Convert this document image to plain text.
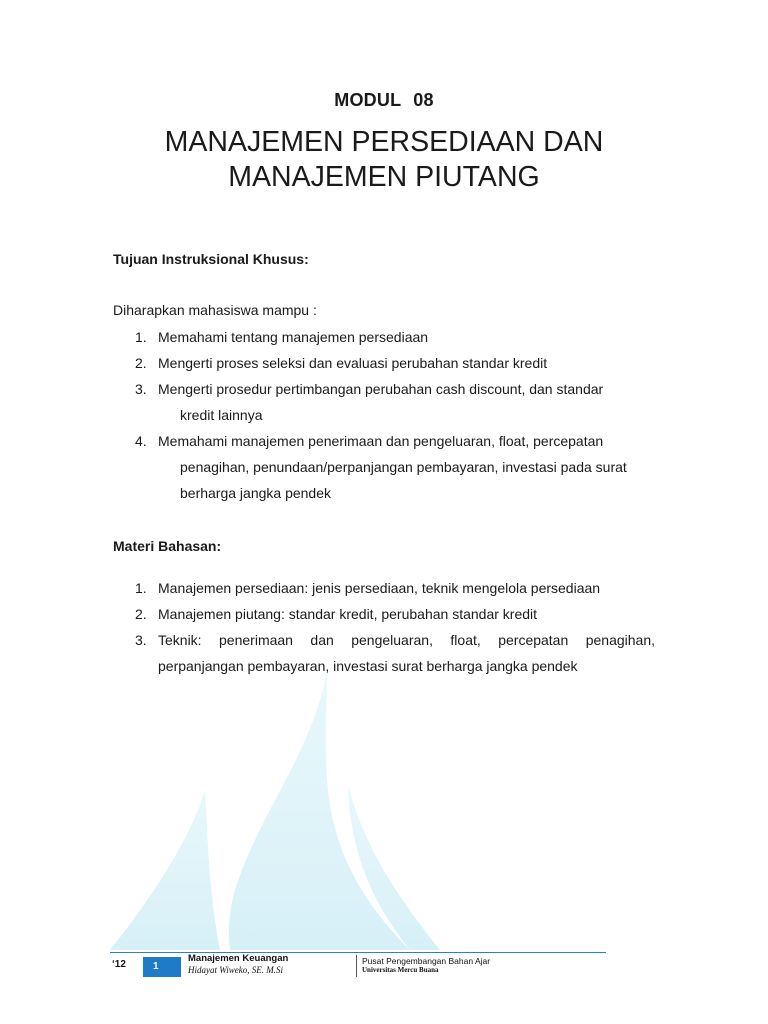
MODUL 08
MANAJEMEN PERSEDIAAN DAN
MANAJEMEN PIUTANG
Tujuan Instruksional Khusus:
Diharapkan mahasiswa mampu :
1. Memahami tentang manajemen persediaan
2. Mengerti proses seleksi dan evaluasi perubahan standar kredit
3. Mengerti prosedur pertimbangan perubahan cash discount, dan standar
kredit lainnya
4. Memahami manajemen penerimaan dan pengeluaran, float, percepatan
penagihan, penundaan/perpanjangan pembayaran, investasi pada surat berharga jangka pendek
Materi Bahasan:
1. Manajemen persediaan: jenis persediaan, teknik mengelola persediaan
2. Manajemen piutang: standar kredit, perubahan standar kredit
3. Teknik: penerimaan dan pengeluaran, float, percepatan penagihan, perpanjangan pembayaran, investasi surat berharga jangka pendek
‘12	1
Manajemen Keuangan
Hidayat Wiweko, SE. M.Si
Pusat Pengembangan Bahan Ajar
Universitas Mercu Buana
